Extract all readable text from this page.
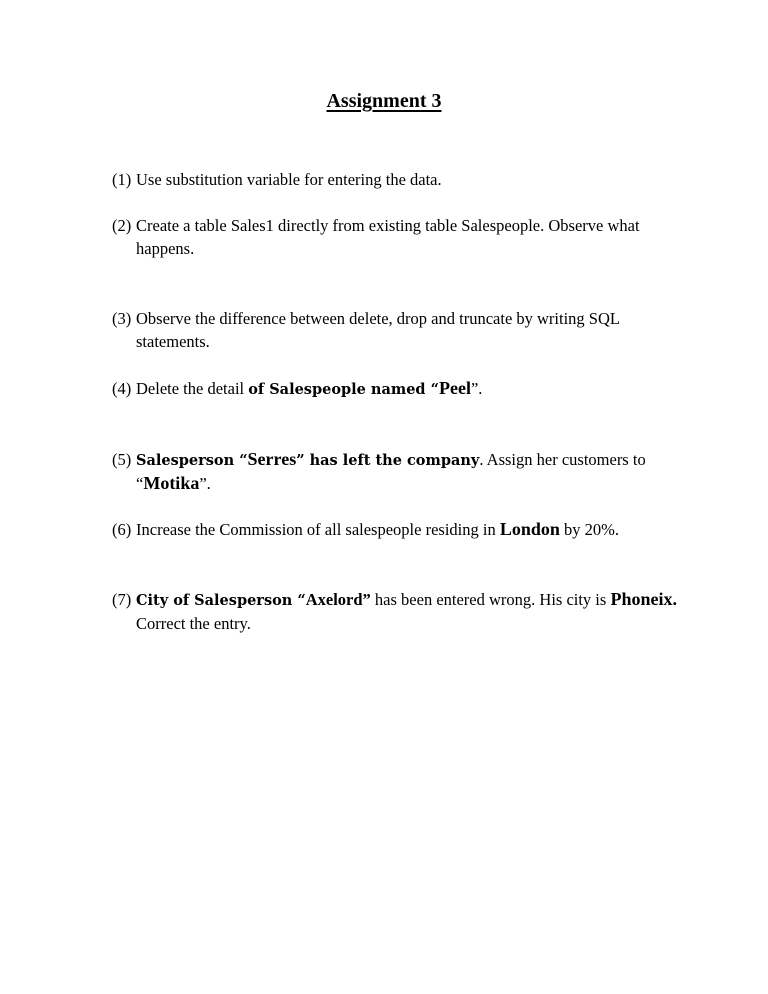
Assignment 3
(1) Use substitution variable for entering the data.
(2) Create a table Sales1 directly from existing table Salespeople. Observe what happens.
(3) Observe the difference between delete, drop and truncate by writing SQL statements.
(4) Delete the detail of Salespeople named “Peel”.
(5) Salesperson “Serres” has left the company. Assign her customers to
“Motika”.
(6) Increase the Commission of all salespeople residing in London by 20%.
(7) City of Salesperson “Axelord” has been entered wrong. His city is Phoneix.
Correct the entry.
